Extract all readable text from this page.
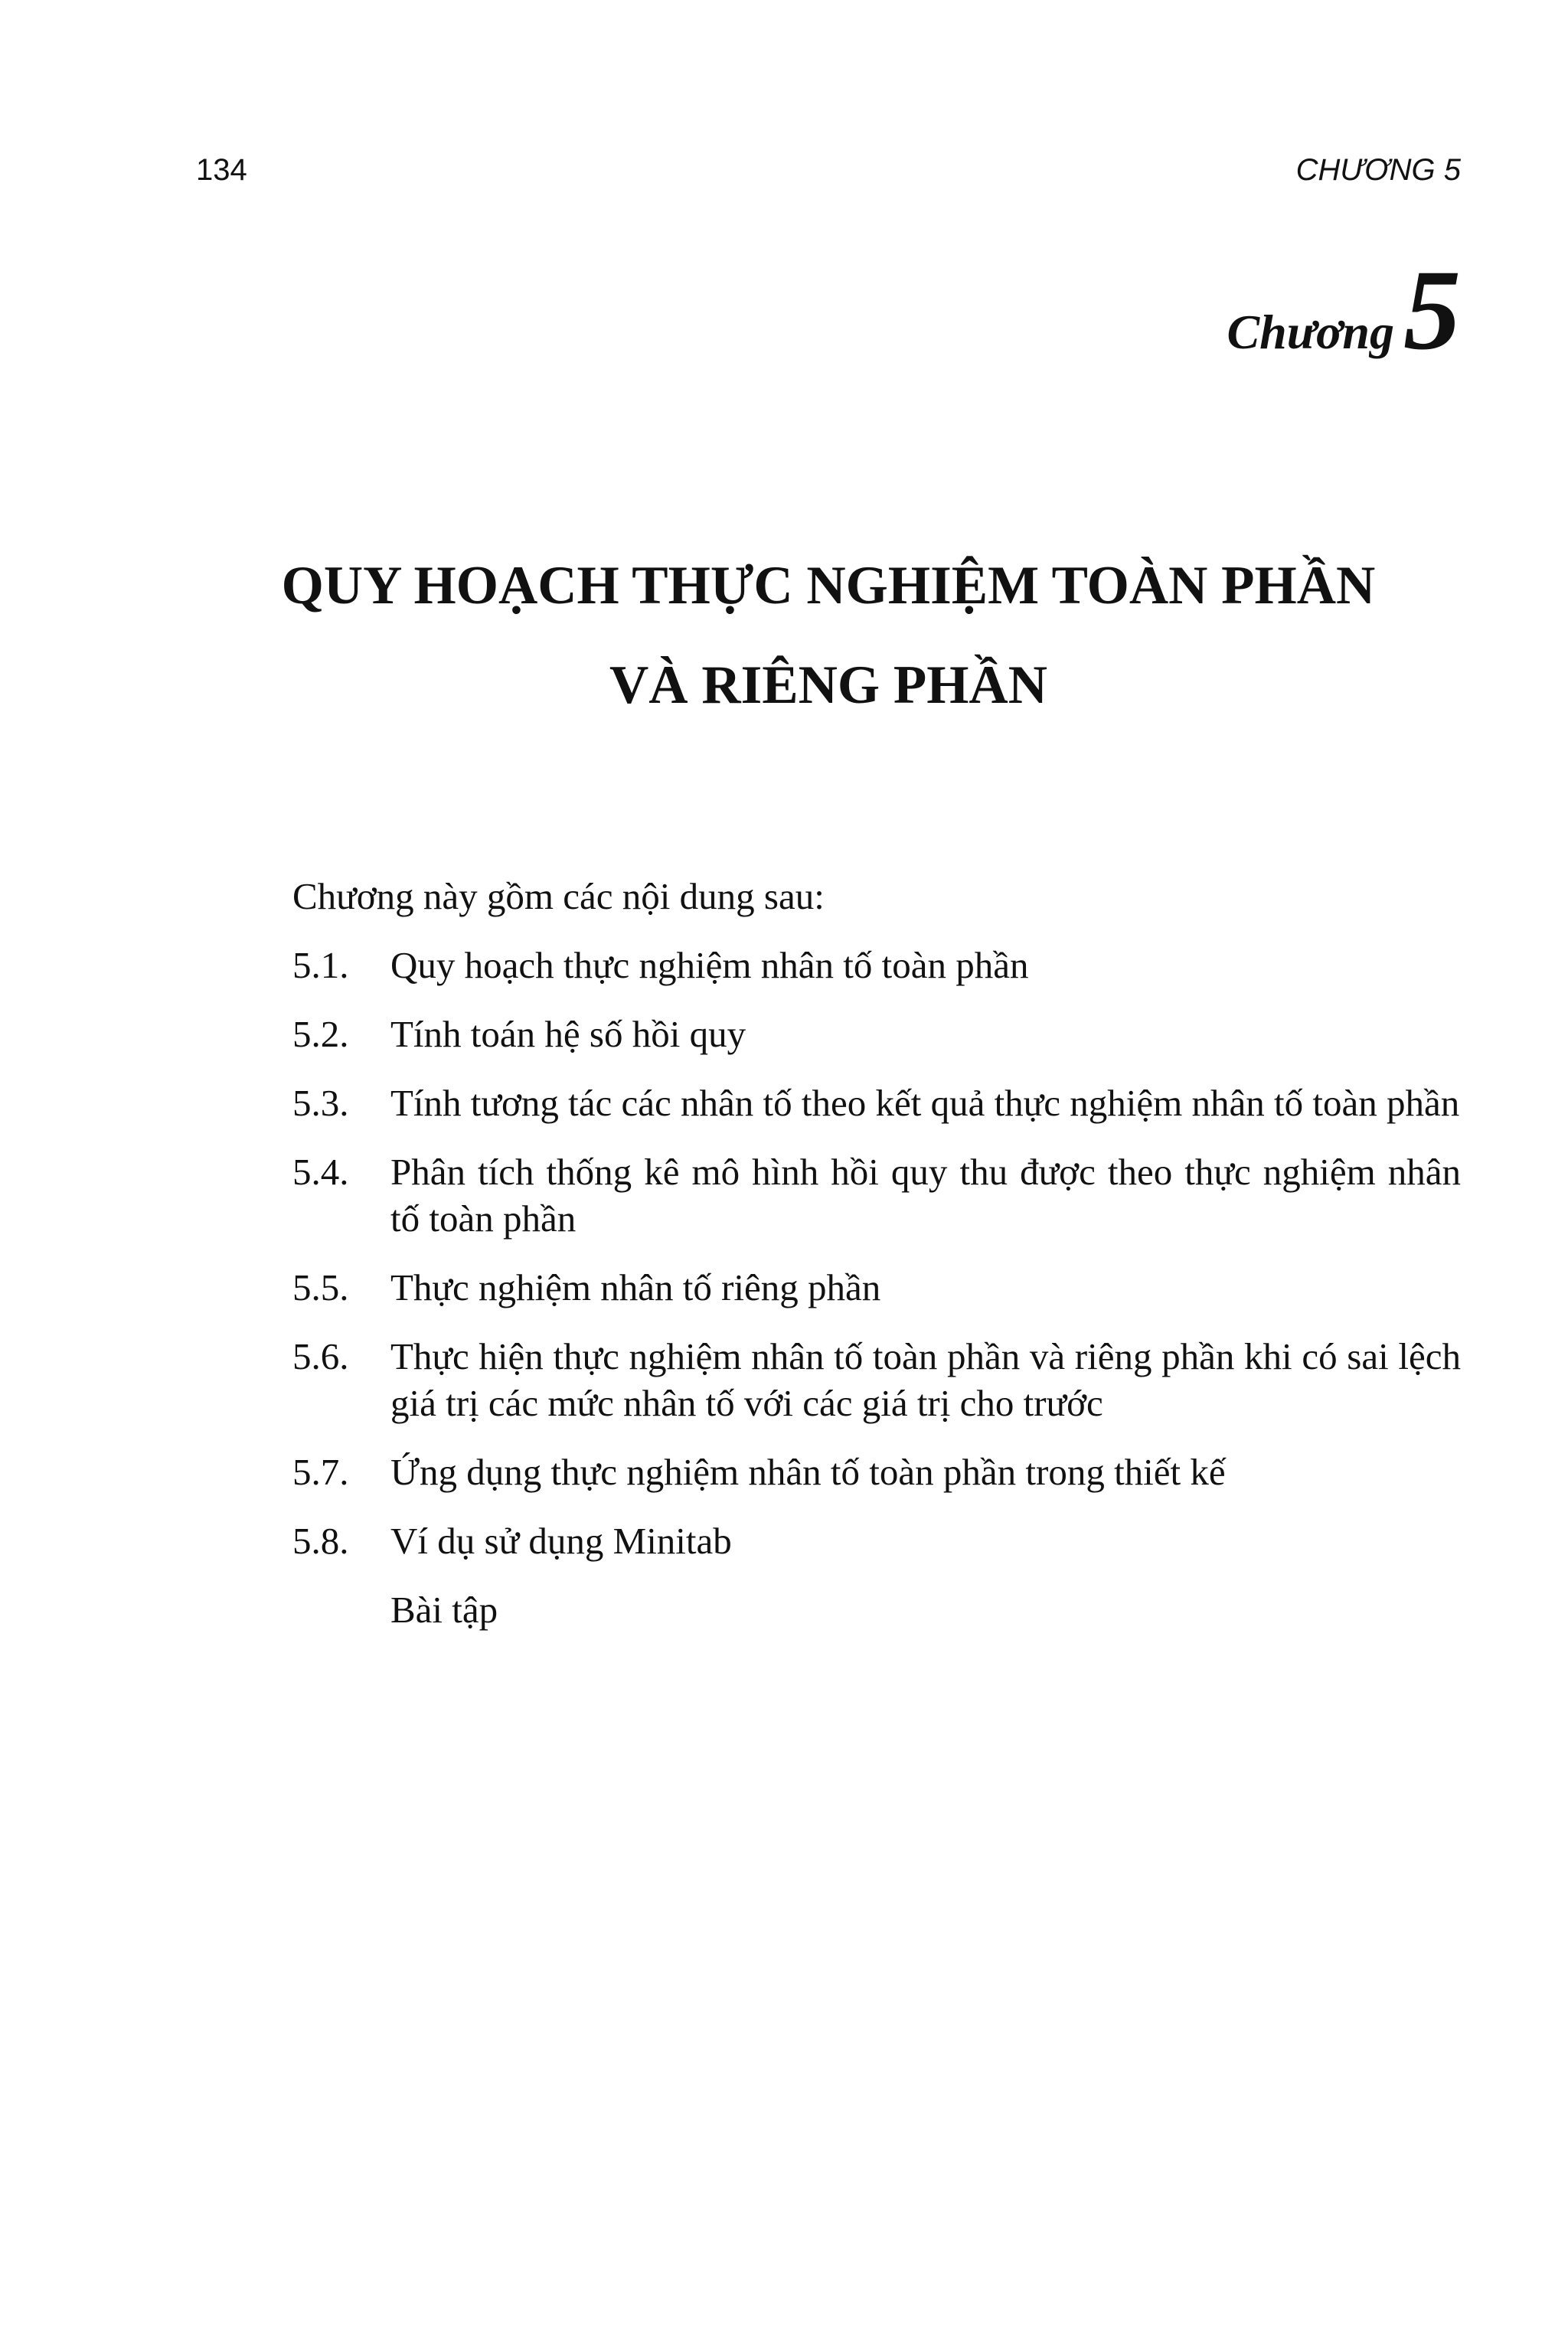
134	CHƯƠNG 5
Chương5
QUY HOẠCH THỰC NGHIỆM TOÀN PHẦN
VÀ RIÊNG PHẦN
Chương này gồm các nội dung sau:
5.1.	Quy hoạch thực nghiệm nhân tố toàn phần
5.2.	Tính toán hệ số hồi quy
5.3.	Tính tương tác các nhân tố theo kết quả thực nghiệm nhân tố toàn phần
5.4.	Phân tích thống kê mô hình hồi quy thu được theo thực nghiệm nhân tố toàn phần
5.5.	Thực nghiệm nhân tố riêng phần
5.6.	Thực hiện thực nghiệm nhân tố toàn phần và riêng phần khi có sai lệch giá trị các mức nhân tố với các giá trị cho trước
5.7.	Ứng dụng thực nghiệm nhân tố toàn phần trong thiết kế
5.8.	Ví dụ sử dụng Minitab
Bài tập
